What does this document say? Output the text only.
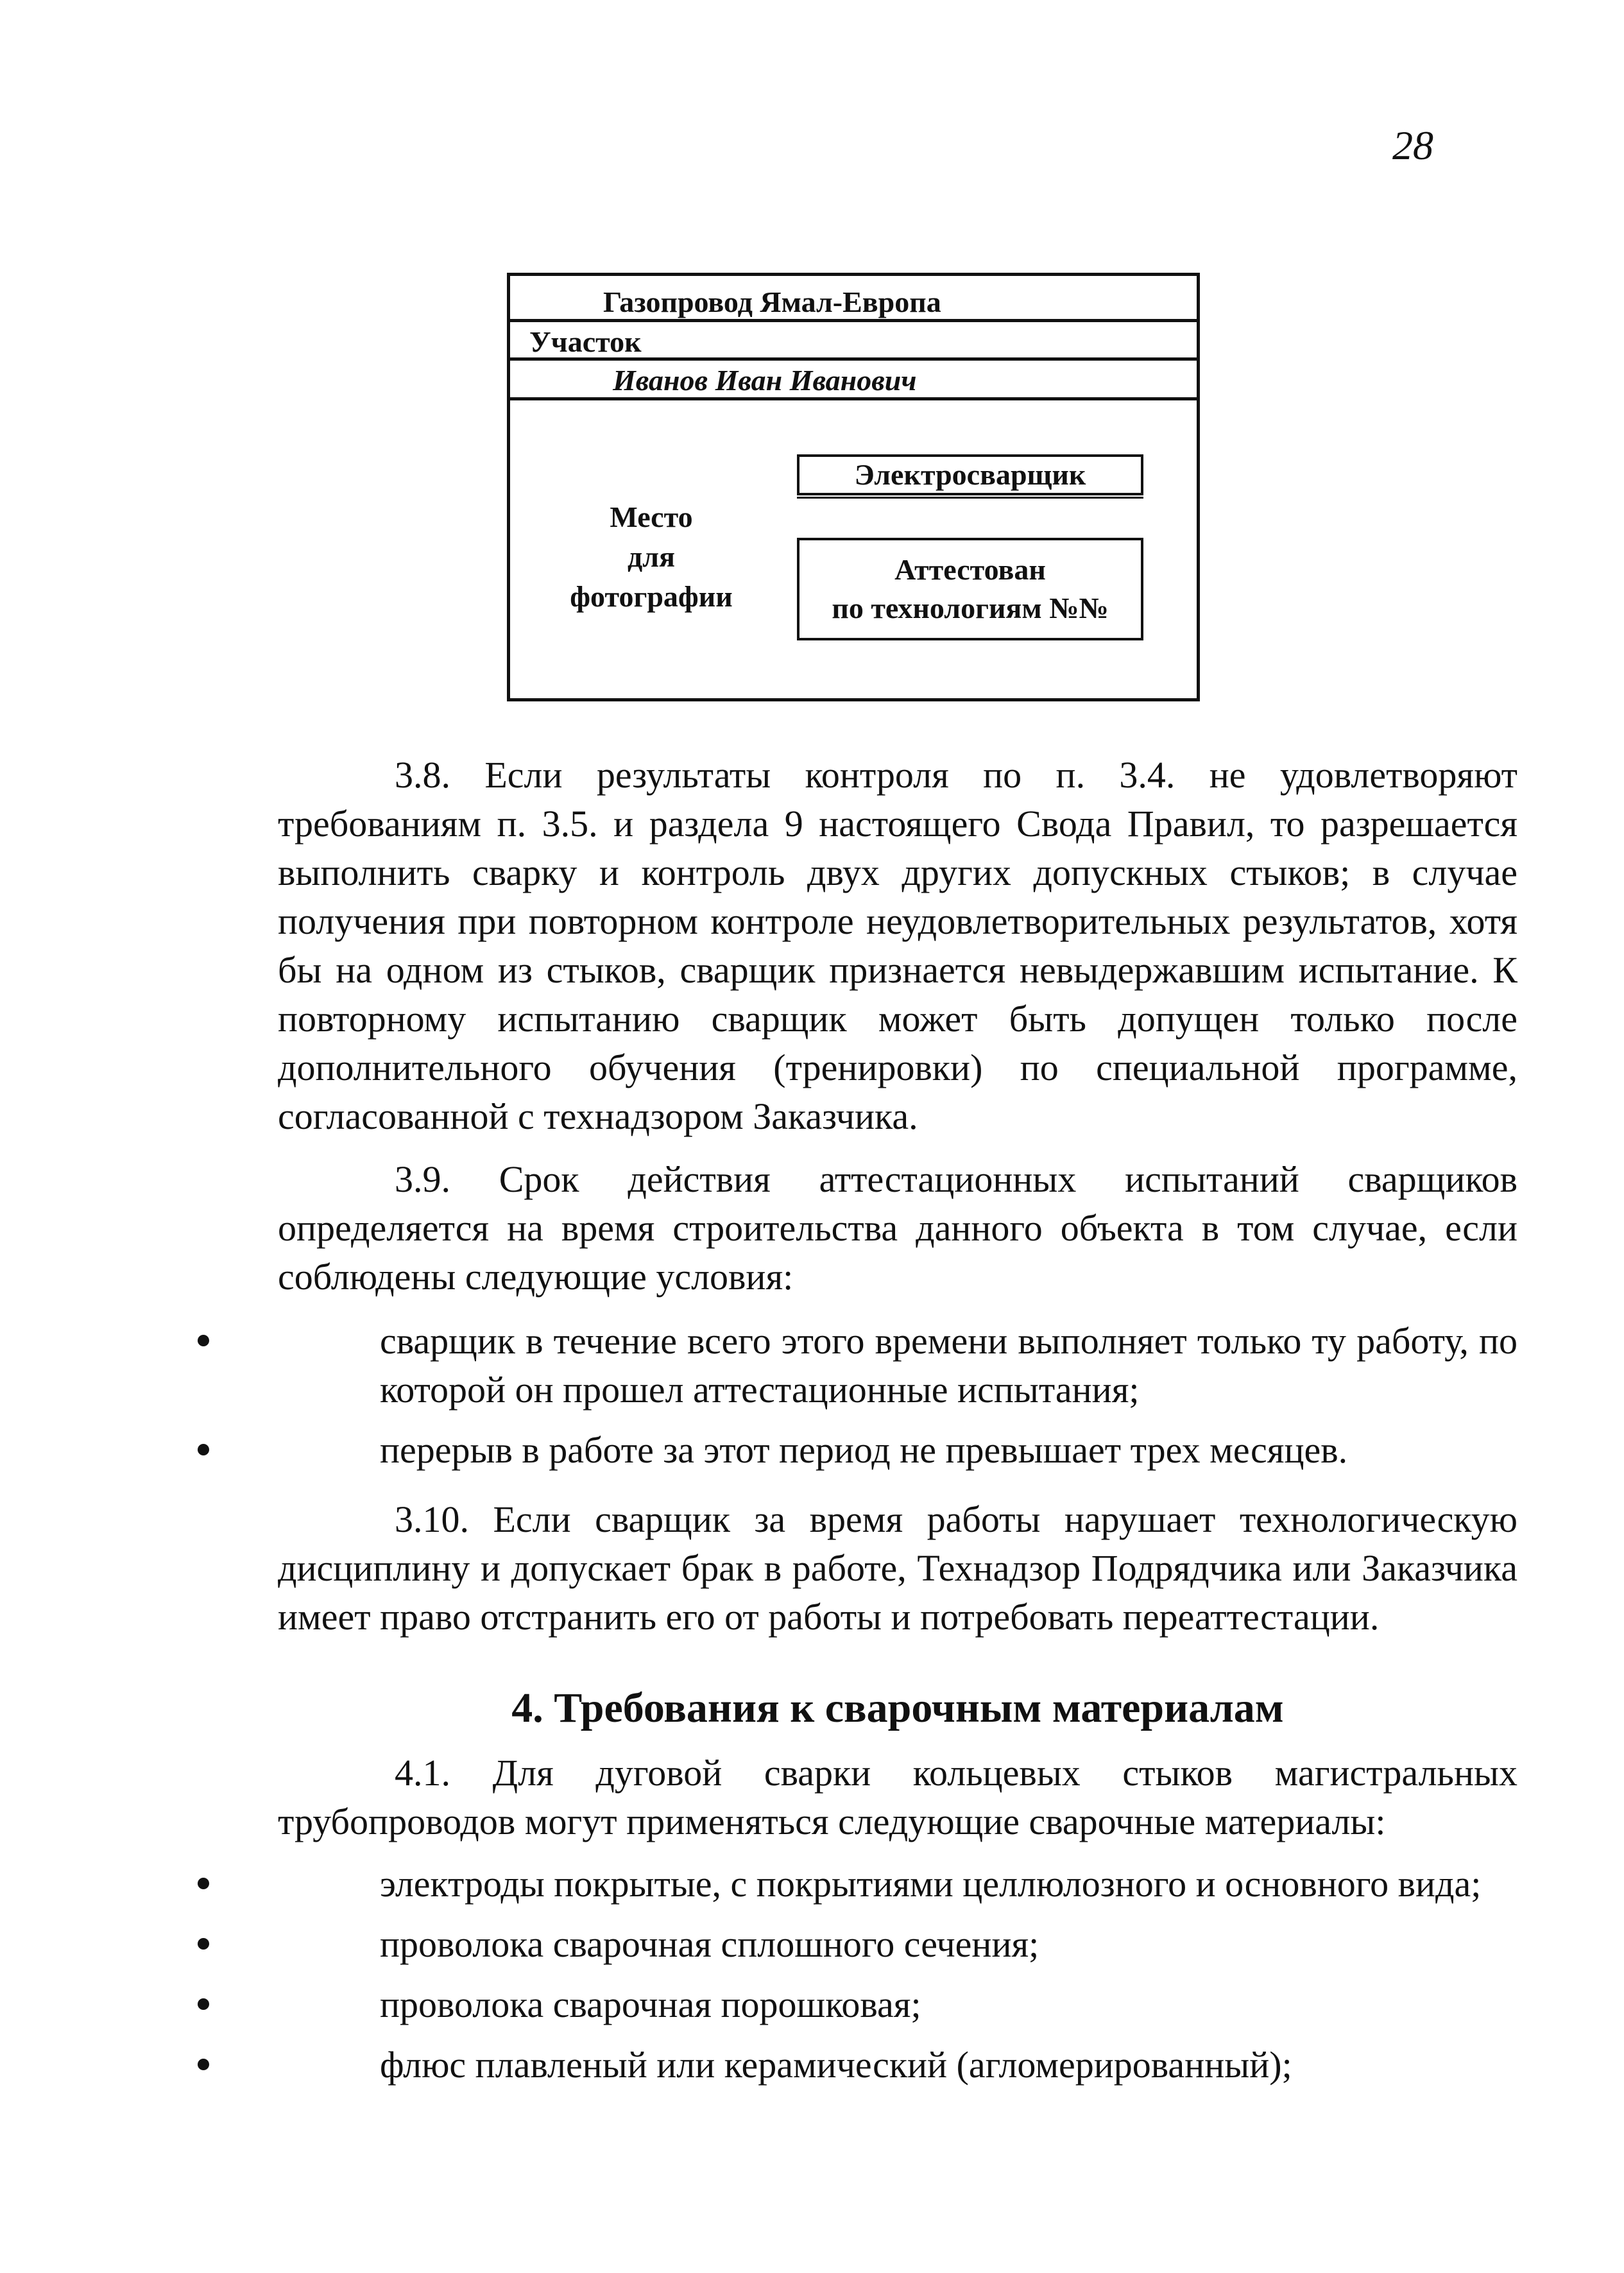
28
Газопровод Ямал-Европа
Участок
Иванов Иван Иванович
Место
для
фотографии
Электросварщик
Аттестован
по технологиям №№

3.8. Если результаты контроля по п. 3.4. не удовлетворяют требованиям п. 3.5. и раздела 9 настоящего Свода Правил, то разрешается выполнить сварку и контроль двух других допускных стыков; в случае получения при повторном контроле неудовлетворительных результатов, хотя бы на одном из стыков, сварщик признается невыдержавшим испытание. К повторному испытанию сварщик может быть допущен только после дополнительного обучения (тренировки) по специальной программе, согласованной с технадзором Заказчика.

3.9. Срок действия аттестационных испытаний сварщиков определяется на время строительства данного объекта в том случае, если соблюдены следующие условия:

сварщик в течение всего этого времени выполняет только ту работу, по которой он прошел аттестационные испытания;
перерыв в работе за этот период не превышает трех месяцев.

3.10. Если сварщик за время работы нарушает технологическую дисциплину и допускает брак в работе, Технадзор Подрядчика или Заказчика имеет право отстранить его от работы и потребовать переаттестации.

4. Требования к сварочным материалам

4.1. Для дуговой сварки кольцевых стыков магистральных трубопроводов могут применяться следующие сварочные материалы:

электроды покрытые, с покрытиями целлюлозного и основного вида;
проволока сварочная сплошного сечения;
проволока сварочная порошковая;
флюс плавленый или керамический (агломерированный);
